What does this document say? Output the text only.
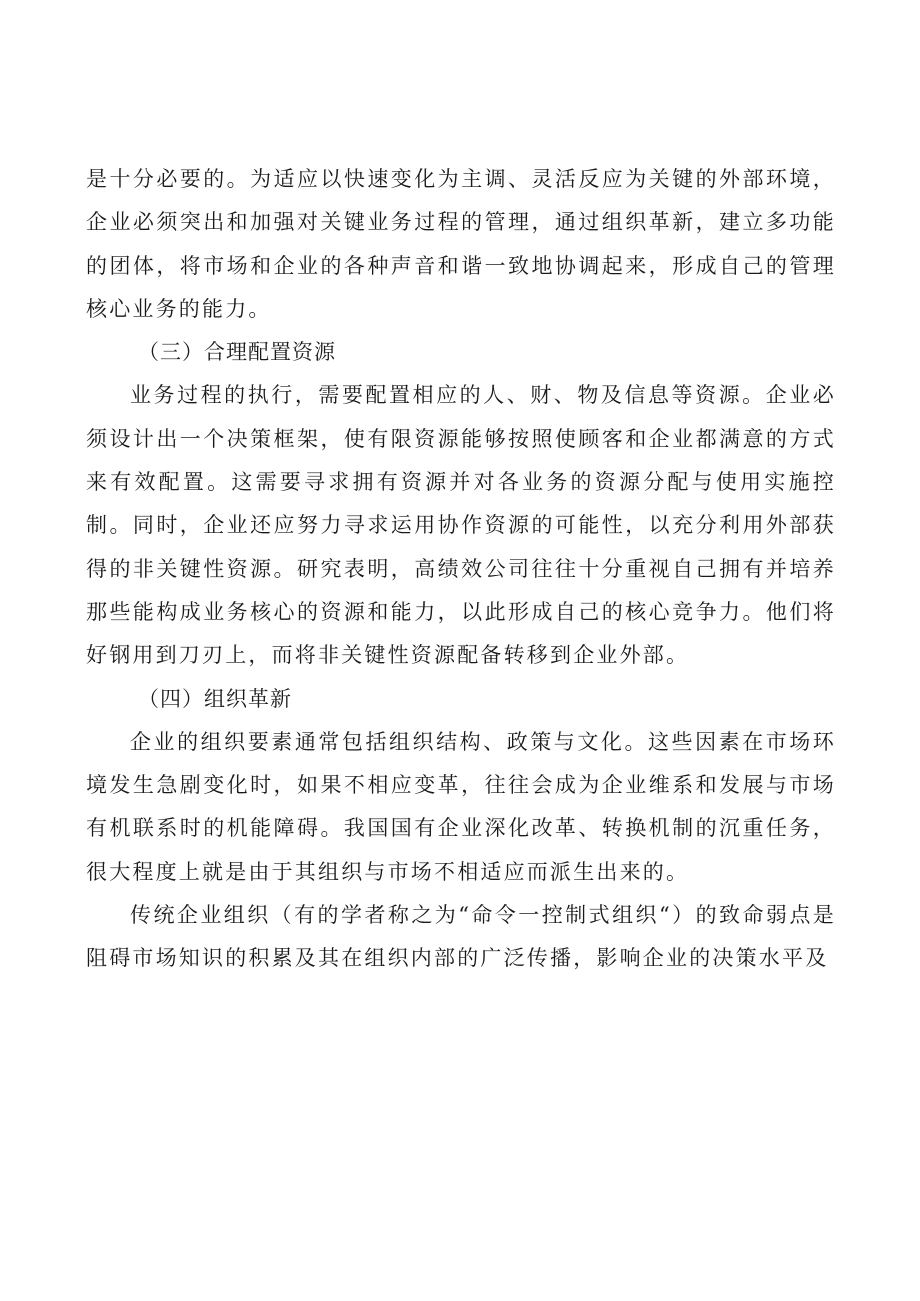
是十分必要的。为适应以快速变化为主调、灵活反应为关键的外部环境，企业必须突出和加强对关键业务过程的管理，通过组织革新，建立多功能的团体，将市场和企业的各种声音和谐一致地协调起来，形成自己的管理核心业务的能力。

（三）合理配置资源

业务过程的执行，需要配置相应的人、财、物及信息等资源。企业必须设计出一个决策框架，使有限资源能够按照使顾客和企业都满意的方式来有效配置。这需要寻求拥有资源并对各业务的资源分配与使用实施控制。同时，企业还应努力寻求运用协作资源的可能性，以充分利用外部获得的非关键性资源。研究表明，高绩效公司往往十分重视自己拥有并培养那些能构成业务核心的资源和能力，以此形成自己的核心竞争力。他们将好钢用到刀刃上，而将非关键性资源配备转移到企业外部。

（四）组织革新

企业的组织要素通常包括组织结构、政策与文化。这些因素在市场环境发生急剧变化时，如果不相应变革，往往会成为企业维系和发展与市场有机联系时的机能障碍。我国国有企业深化改革、转换机制的沉重任务，很大程度上就是由于其组织与市场不相适应而派生出来的。

传统企业组织（有的学者称之为“命令一控制式组织“）的致命弱点是阻碍市场知识的积累及其在组织内部的广泛传播，影响企业的决策水平及
